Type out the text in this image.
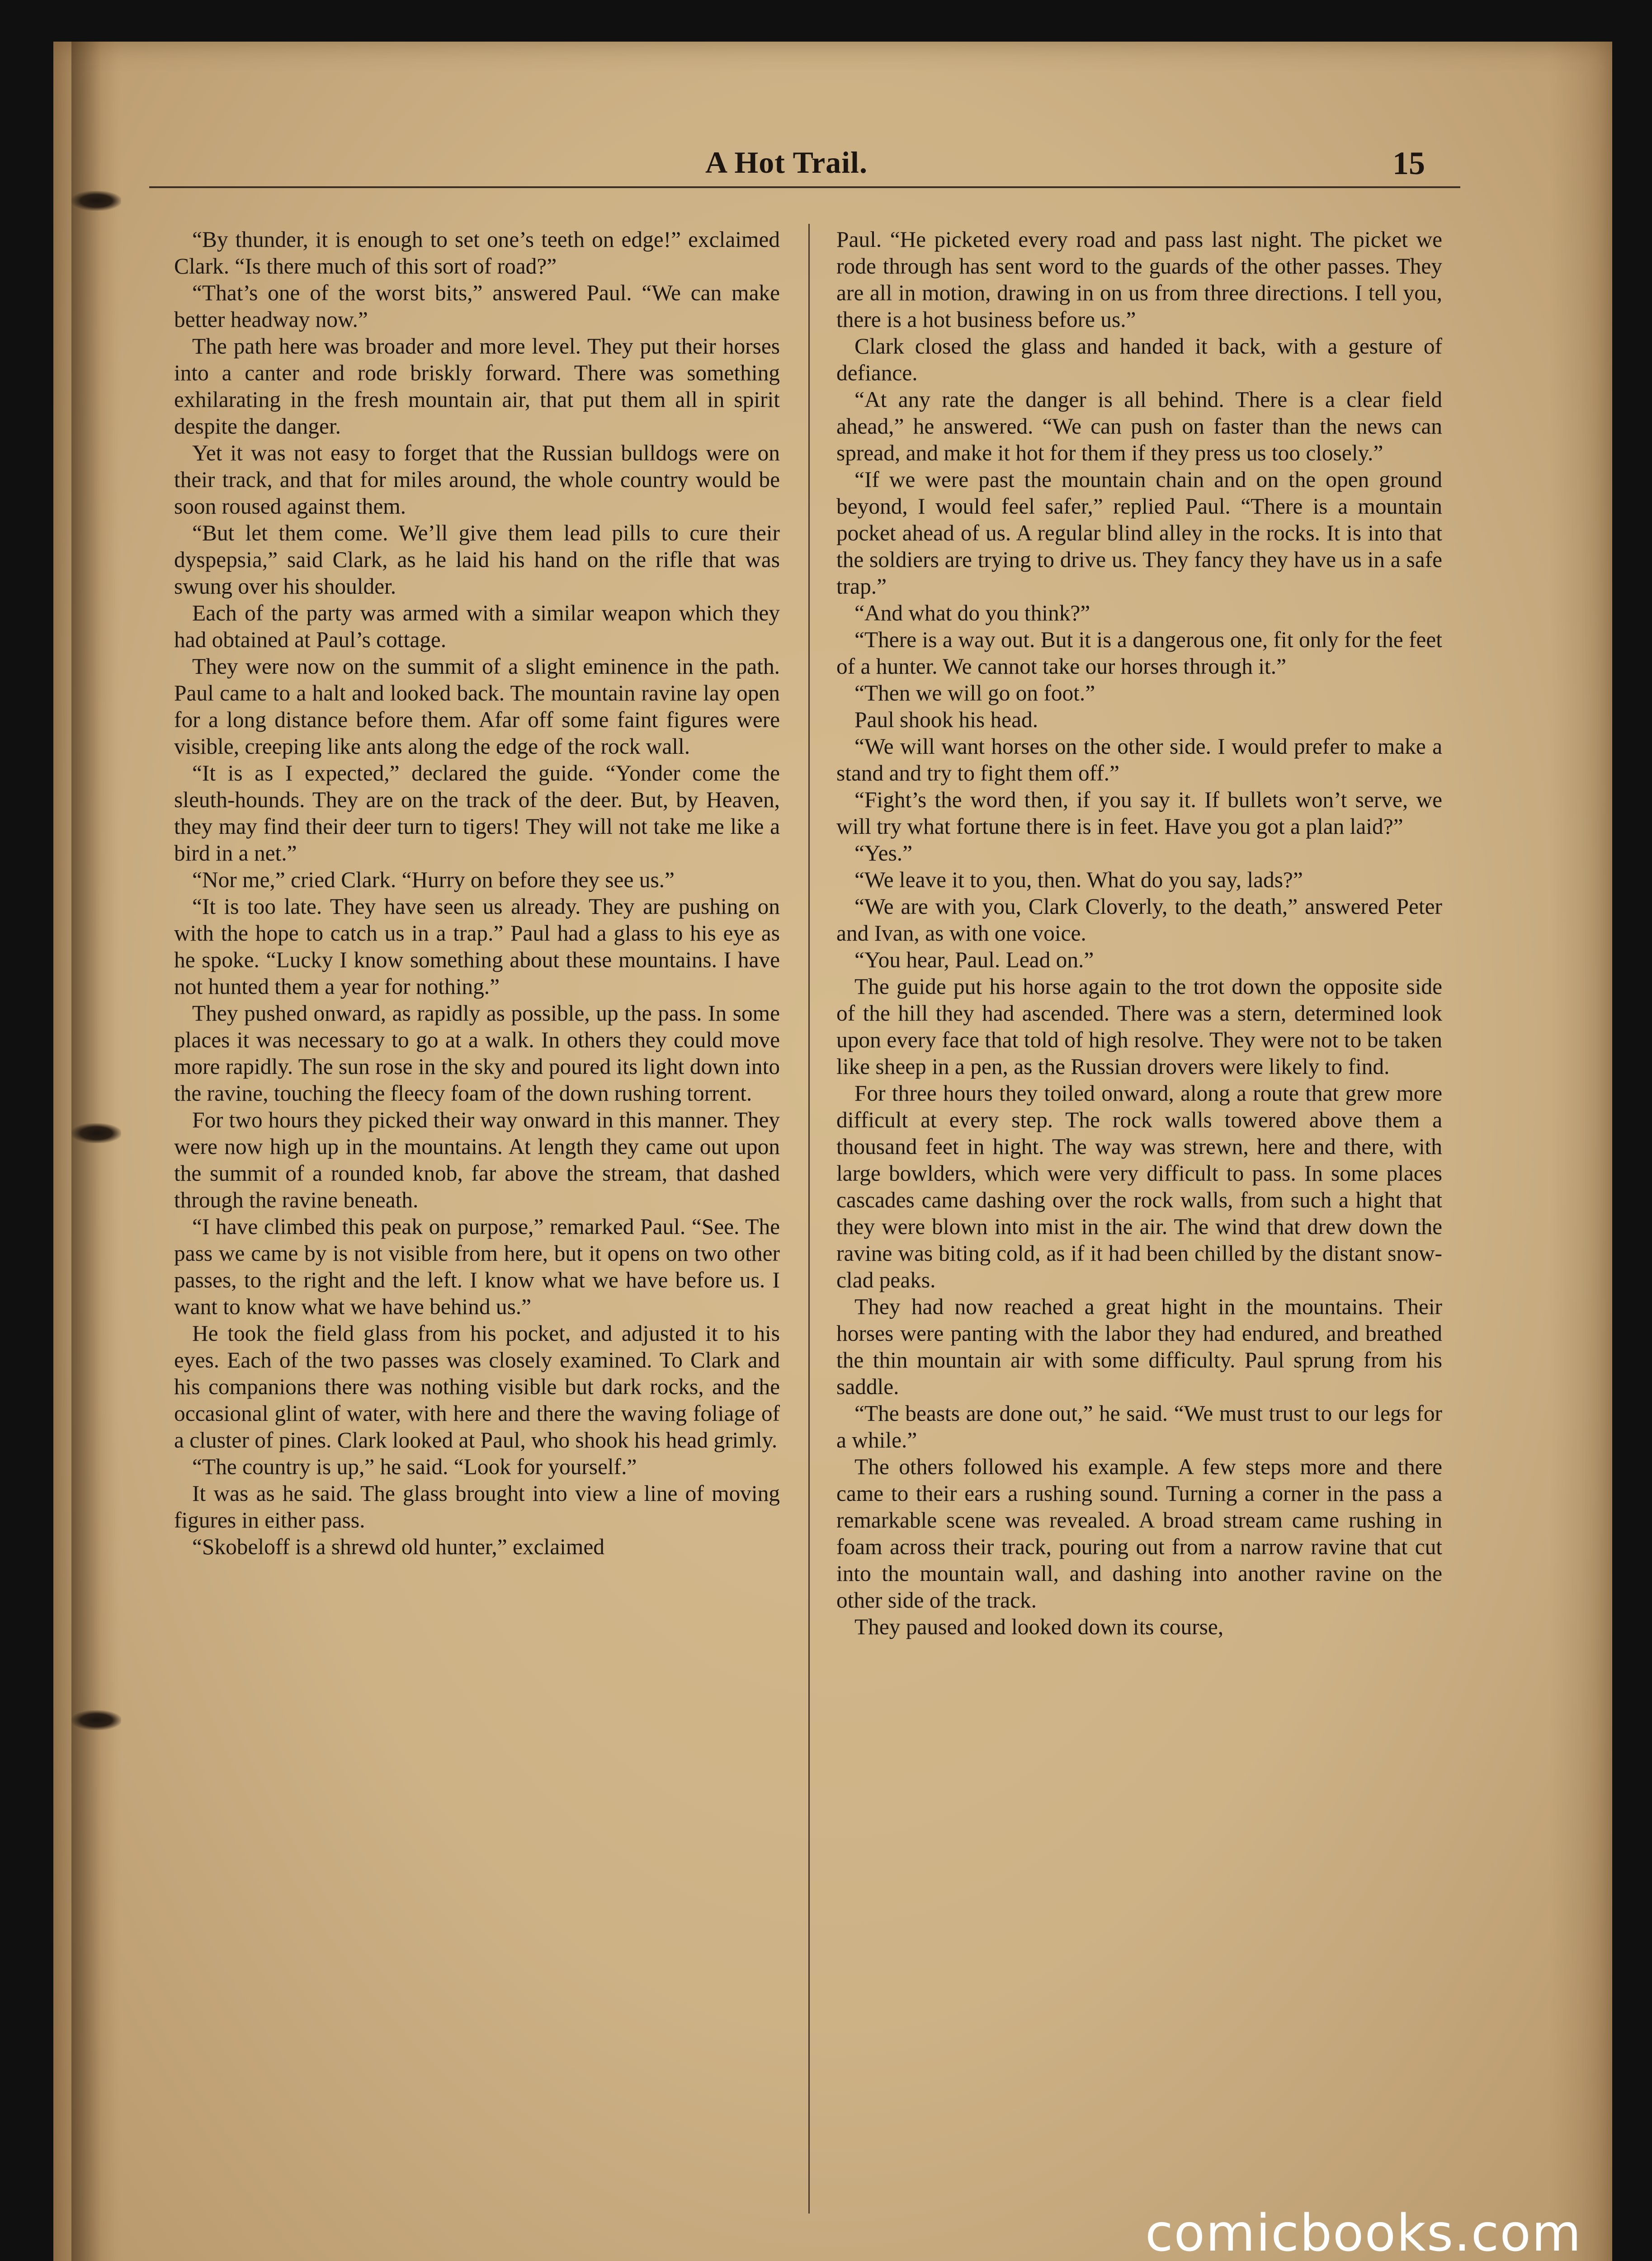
A Hot Trail.	15

“By thunder, it is enough to set one’s teeth on edge!” exclaimed Clark. “Is there much of this sort of road?”

“That’s one of the worst bits,” answered Paul. “We can make better headway now.”

The path here was broader and more level. They put their horses into a canter and rode briskly forward. There was something exhilarating in the fresh mountain air, that put them all in spirit despite the danger.

Yet it was not easy to forget that the Russian bulldogs were on their track, and that for miles around, the whole country would be soon roused against them.

“But let them come. We’ll give them lead pills to cure their dyspepsia,” said Clark, as he laid his hand on the rifle that was swung over his shoulder.

Each of the party was armed with a similar weapon which they had obtained at Paul’s cottage.

They were now on the summit of a slight eminence in the path. Paul came to a halt and looked back. The mountain ravine lay open for a long distance before them. Afar off some faint figures were visible, creeping like ants along the edge of the rock wall.

“It is as I expected,” declared the guide. “Yonder come the sleuth-hounds. They are on the track of the deer. But, by Heaven, they may find their deer turn to tigers! They will not take me like a bird in a net.”

“Nor me,” cried Clark. “Hurry on before they see us.”

“It is too late. They have seen us already. They are pushing on with the hope to catch us in a trap.” Paul had a glass to his eye as he spoke. “Lucky I know something about these mountains. I have not hunted them a year for nothing.”

They pushed onward, as rapidly as possible, up the pass. In some places it was necessary to go at a walk. In others they could move more rapidly. The sun rose in the sky and poured its light down into the ravine, touching the fleecy foam of the down rushing torrent.

For two hours they picked their way onward in this manner. They were now high up in the mountains. At length they came out upon the summit of a rounded knob, far above the stream, that dashed through the ravine beneath.

“I have climbed this peak on purpose,” remarked Paul. “See. The pass we came by is not visible from here, but it opens on two other passes, to the right and the left. I know what we have before us. I want to know what we have behind us.”

He took the field glass from his pocket, and adjusted it to his eyes. Each of the two passes was closely examined. To Clark and his companions there was nothing visible but dark rocks, and the occasional glint of water, with here and there the waving foliage of a cluster of pines. Clark looked at Paul, who shook his head grimly.

“The country is up,” he said. “Look for yourself.”

It was as he said. The glass brought into view a line of moving figures in either pass.

“Skobeloff is a shrewd old hunter,” exclaimed

Paul. “He picketed every road and pass last night. The picket we rode through has sent word to the guards of the other passes. They are all in motion, drawing in on us from three directions. I tell you, there is a hot business before us.”

Clark closed the glass and handed it back, with a gesture of defiance.

“At any rate the danger is all behind. There is a clear field ahead,” he answered. “We can push on faster than the news can spread, and make it hot for them if they press us too closely.”

“If we were past the mountain chain and on the open ground beyond, I would feel safer,” replied Paul. “There is a mountain pocket ahead of us. A regular blind alley in the rocks. It is into that the soldiers are trying to drive us. They fancy they have us in a safe trap.”

“And what do you think?”

“There is a way out. But it is a dangerous one, fit only for the feet of a hunter. We cannot take our horses through it.”

“Then we will go on foot.”

Paul shook his head.

“We will want horses on the other side. I would prefer to make a stand and try to fight them off.”

“Fight’s the word then, if you say it. If bullets won’t serve, we will try what fortune there is in feet. Have you got a plan laid?”

“Yes.”

“We leave it to you, then. What do you say, lads?”

“We are with you, Clark Cloverly, to the death,” answered Peter and Ivan, as with one voice.

“You hear, Paul. Lead on.”

The guide put his horse again to the trot down the opposite side of the hill they had ascended. There was a stern, determined look upon every face that told of high resolve. They were not to be taken like sheep in a pen, as the Russian drovers were likely to find.

For three hours they toiled onward, along a route that grew more difficult at every step. The rock walls towered above them a thousand feet in hight. The way was strewn, here and there, with large bowlders, which were very difficult to pass. In some places cascades came dashing over the rock walls, from such a hight that they were blown into mist in the air. The wind that drew down the ravine was biting cold, as if it had been chilled by the distant snow-clad peaks.

They had now reached a great hight in the mountains. Their horses were panting with the labor they had endured, and breathed the thin mountain air with some difficulty. Paul sprung from his saddle.

“The beasts are done out,” he said. “We must trust to our legs for a while.”

The others followed his example. A few steps more and there came to their ears a rushing sound. Turning a corner in the pass a remarkable scene was revealed. A broad stream came rushing in foam across their track, pouring out from a narrow ravine that cut into the mountain wall, and dashing into another ravine on the other side of the track.

They paused and looked down its course,

comicbooks.com
